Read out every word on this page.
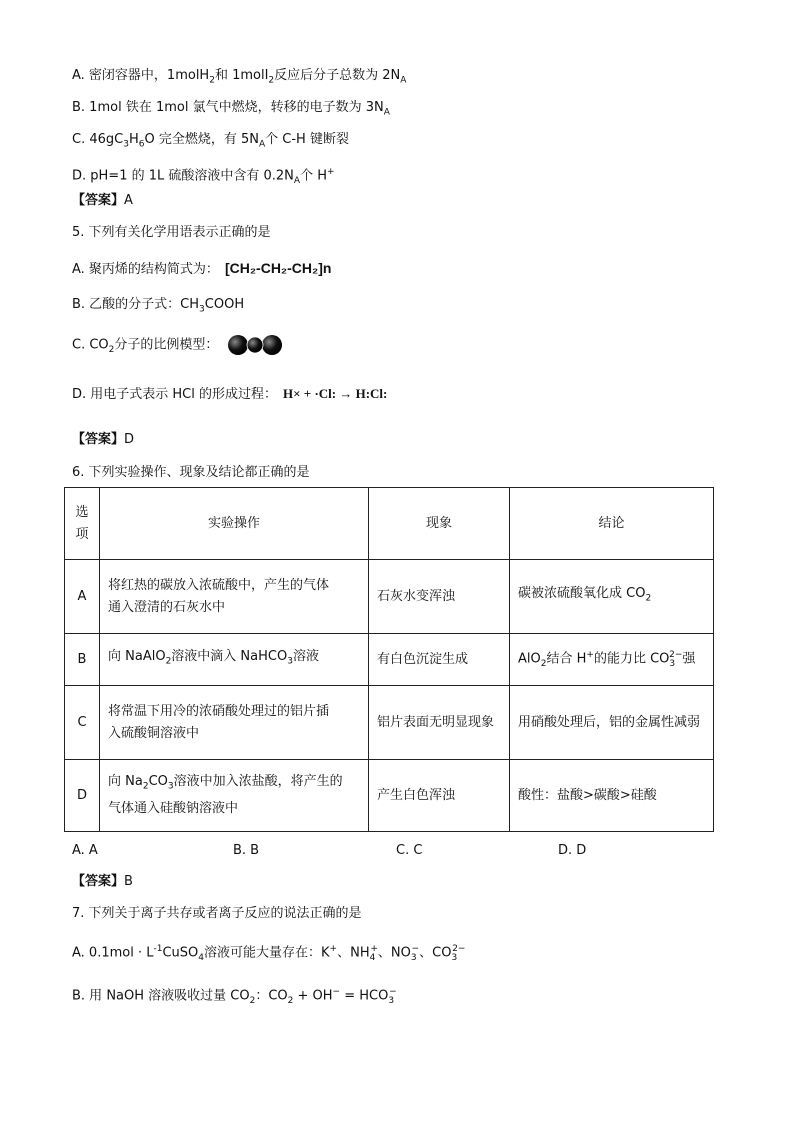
A. 密闭容器中，1molH$_2$和 1molI$_2$反应后分子总数为 $2N_A$
B. 1mol 铁在 1mol 氯气中燃烧，转移的电子数为 $3N_A$
C. $46gC_3H_6O$ 完全燃烧，有 $5N_A$个 C-H 键断裂
D. pH=1 的 1L 硫酸溶液中含有 $0.2N_A$个 H+
【答案】A
5. 下列有关化学用语表示正确的是
A. 聚丙烯的结构简式为： [CH₂-CH₂-CH₂]n
B. 乙酸的分子式：$CH_3COOH$
C. $CO_2$分子的比例模型：
D. 用电子式表示 HCl 的形成过程： H× + ·Cl: → H:Cl:
【答案】D
6. 下列实验操作、现象及结论都正确的是
选
项	实验操作	现象	结论
A	将红热的碳放入浓硫酸中，产生的气体
通入澄清的石灰水中	石灰水变浑浊	碳被浓硫酸氧化成 $CO_2$
B	向 NaAlO$_2$溶液中滴入 NaHCO$_3$溶液	有白色沉淀生成	AlO$_2$结合 H+的能力比 $CO_3^{2-}$强
C	将常温下用冷的浓硝酸处理过的铝片插
入硫酸铜溶液中	铝片表面无明显现象	用硝酸处理后，铝的金属性减弱
D	向 $Na_2CO_3$溶液中加入浓盐酸，将产生的
气体通入硅酸钠溶液中	产生白色浑浊	酸性：盐酸>碳酸>硅酸
A. A	B. B	C. C	D. D
【答案】B
7. 下列关于离子共存或者离子反应的说法正确的是
A. $0.1mol \cdot L^{-1}CuSO_4$溶液可能大量存在：K+、$NH_4^+$、$NO_3^-$、$CO_3^{2-}$
B. 用 NaOH 溶液吸收过量 $CO_2$：$CO_2 + OH^- = HCO_3^-$
